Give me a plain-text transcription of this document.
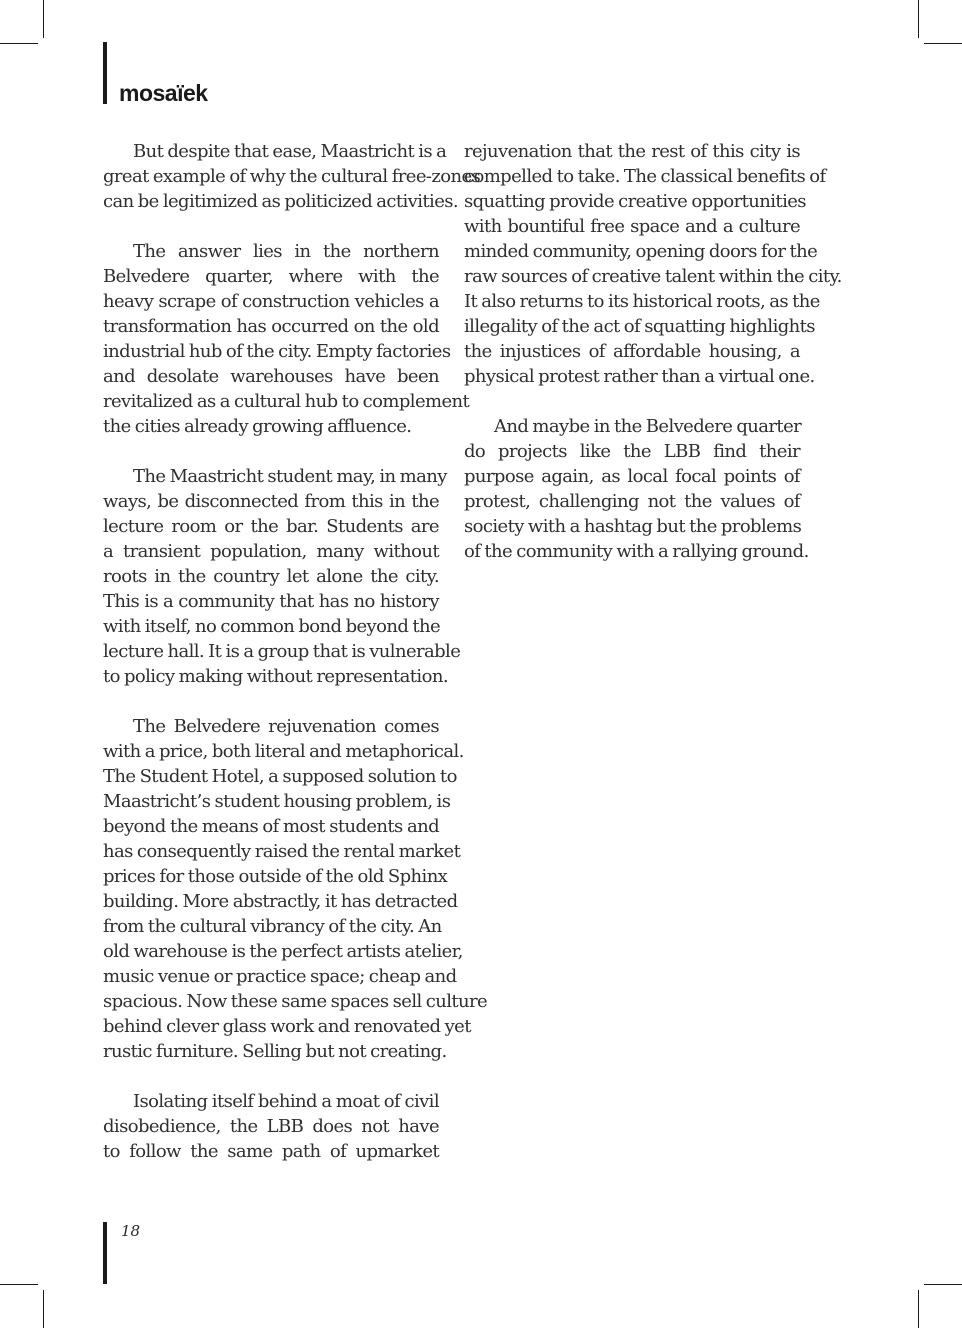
mosaïek
But despite that ease, Maastricht is a
great example of why the cultural free-zones
can be legitimized as politicized activities.
The answer lies in the northern
Belvedere quarter, where with the
heavy scrape of construction vehicles a
transformation has occurred on the old
industrial hub of the city. Empty factories
and desolate warehouses have been
revitalized as a cultural hub to complement
the cities already growing affluence.
The Maastricht student may, in many
ways, be disconnected from this in the
lecture room or the bar. Students are
a transient population, many without
roots in the country let alone the city.
This is a community that has no history
with itself, no common bond beyond the
lecture hall. It is a group that is vulnerable
to policy making without representation.
The Belvedere rejuvenation comes
with a price, both literal and metaphorical.
The Student Hotel, a supposed solution to
Maastricht’s student housing problem, is
beyond the means of most students and
has consequently raised the rental market
prices for those outside of the old Sphinx
building. More abstractly, it has detracted
from the cultural vibrancy of the city. An
old warehouse is the perfect artists atelier,
music venue or practice space; cheap and
spacious. Now these same spaces sell culture
behind clever glass work and renovated yet
rustic furniture. Selling but not creating.
Isolating itself behind a moat of civil
disobedience, the LBB does not have
to follow the same path of upmarket
rejuvenation that the rest of this city is
compelled to take. The classical benefits of
squatting provide creative opportunities
with bountiful free space and a culture
minded community, opening doors for the
raw sources of creative talent within the city.
It also returns to its historical roots, as the
illegality of the act of squatting highlights
the injustices of affordable housing, a
physical protest rather than a virtual one.
And maybe in the Belvedere quarter
do projects like the LBB find their
purpose again, as local focal points of
protest, challenging not the values of
society with a hashtag but the problems
of the community with a rallying ground.
18
